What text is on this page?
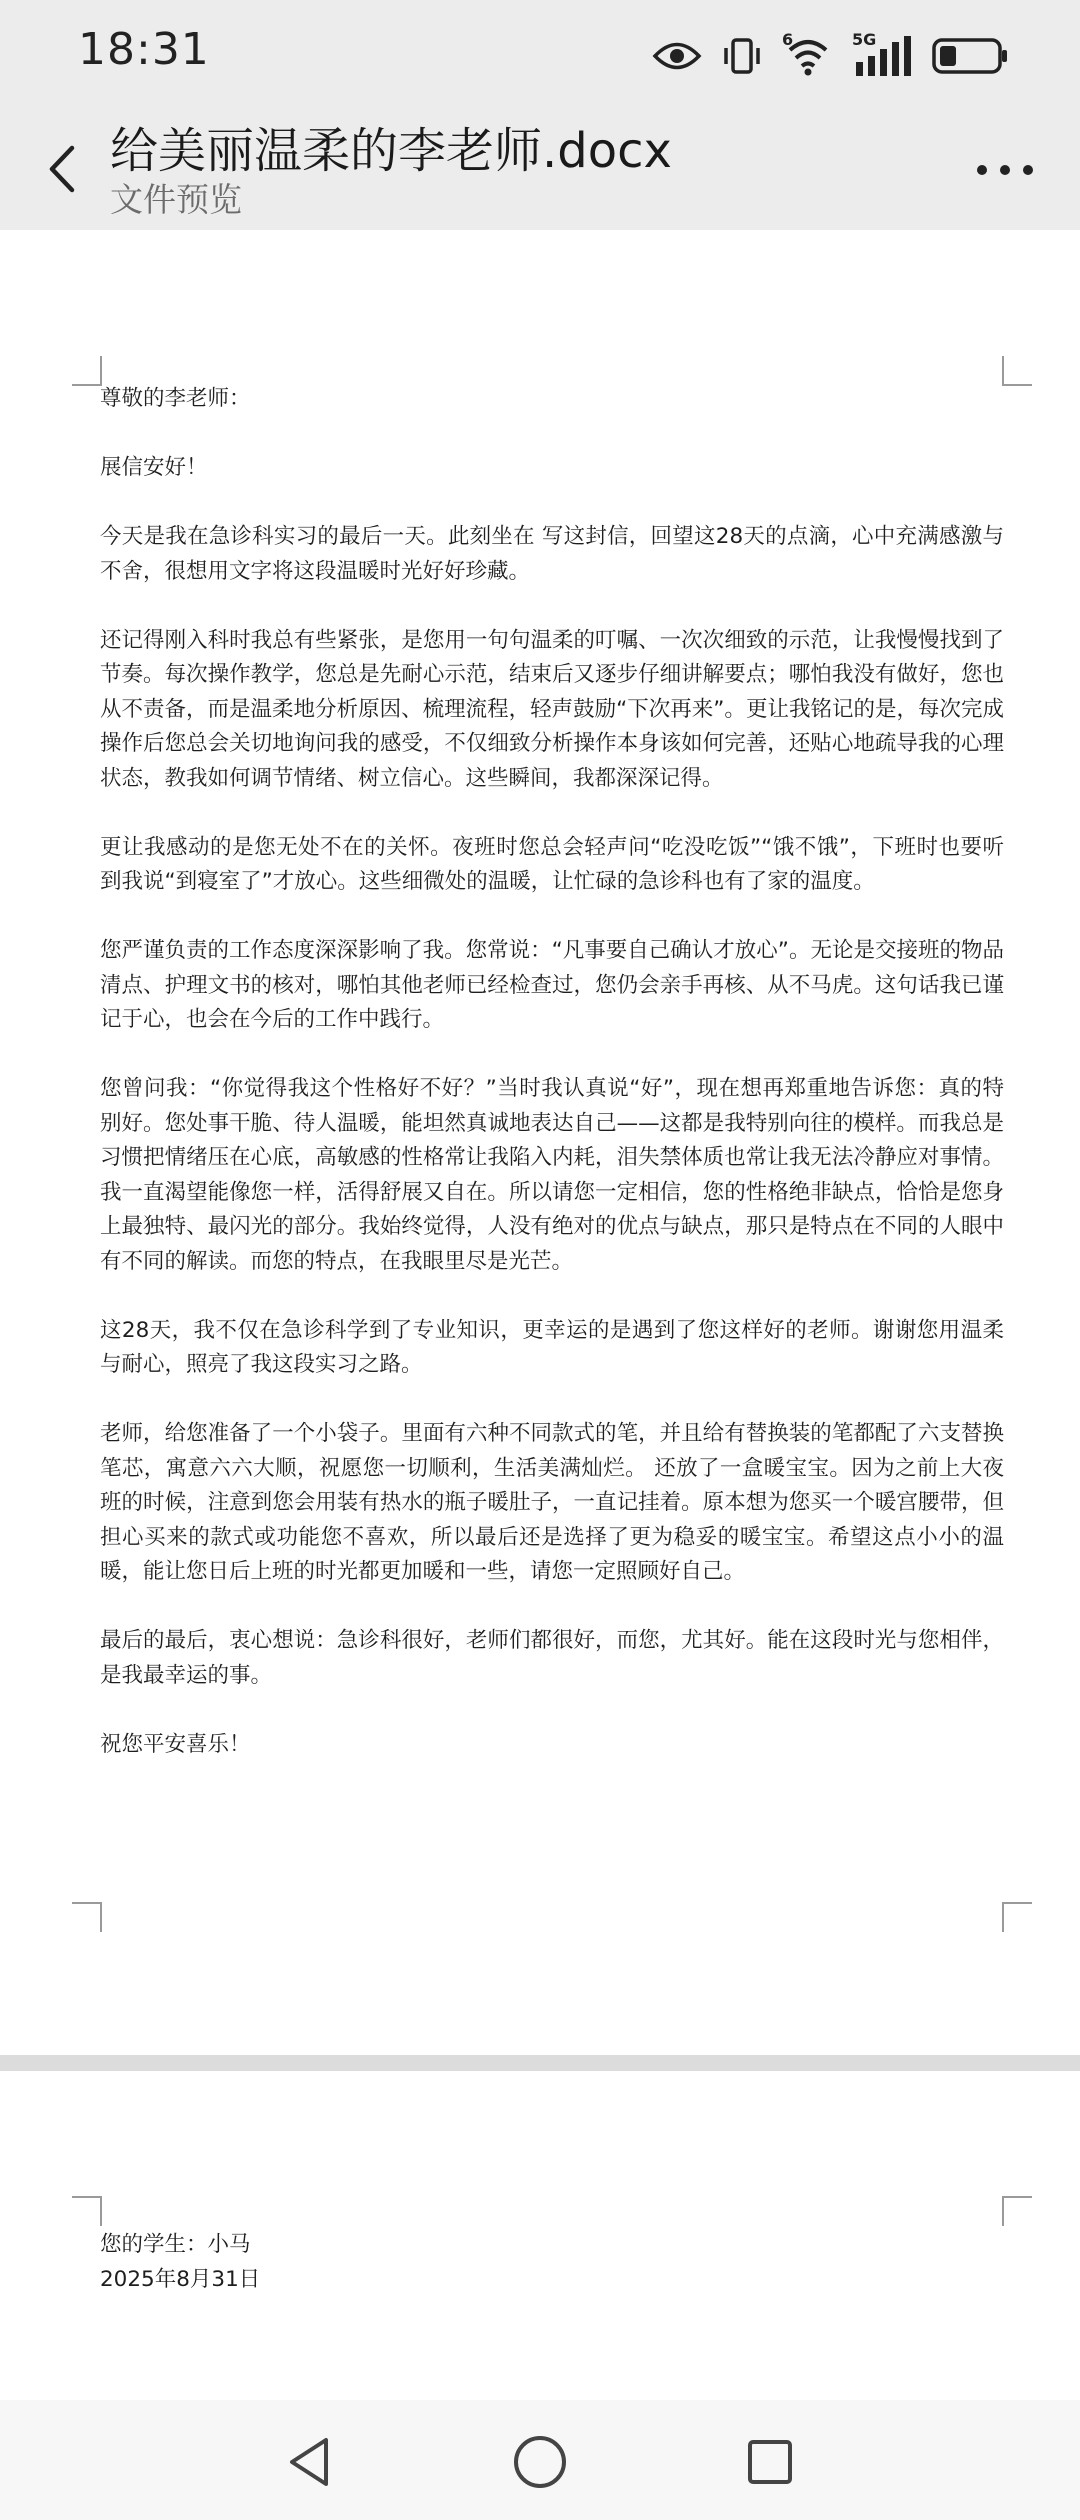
18:31	6	5G
给美丽温柔的李老师.docx
文件预览

尊敬的李老师：

展信安好！

今天是我在急诊科实习的最后一天。此刻坐在 写这封信，回望这28天的点滴，心中充满感激与不舍，很想用文字将这段温暖时光好好珍藏。

还记得刚入科时我总有些紧张，是您用一句句温柔的叮嘱、一次次细致的示范，让我慢慢找到了节奏。每次操作教学，您总是先耐心示范，结束后又逐步仔细讲解要点；哪怕我没有做好，您也从不责备，而是温柔地分析原因、梳理流程，轻声鼓励“下次再来”。更让我铭记的是，每次完成操作后您总会关切地询问我的感受，不仅细致分析操作本身该如何完善，还贴心地疏导我的心理状态，教我如何调节情绪、树立信心。这些瞬间，我都深深记得。

更让我感动的是您无处不在的关怀。夜班时您总会轻声问“吃没吃饭”“饿不饿”，下班时也要听到我说“到寝室了”才放心。这些细微处的温暖，让忙碌的急诊科也有了家的温度。

您严谨负责的工作态度深深影响了我。您常说：“凡事要自己确认才放心”。无论是交接班的物品清点、护理文书的核对，哪怕其他老师已经检查过，您仍会亲手再核、从不马虎。这句话我已谨记于心，也会在今后的工作中践行。

您曾问我：“你觉得我这个性格好不好？”当时我认真说“好”，现在想再郑重地告诉您：真的特别好。您处事干脆、待人温暖，能坦然真诚地表达自己——这都是我特别向往的模样。而我总是习惯把情绪压在心底，高敏感的性格常让我陷入内耗，泪失禁体质也常让我无法冷静应对事情。我一直渴望能像您一样，活得舒展又自在。所以请您一定相信，您的性格绝非缺点，恰恰是您身上最独特、最闪光的部分。我始终觉得，人没有绝对的优点与缺点，那只是特点在不同的人眼中有不同的解读。而您的特点，在我眼里尽是光芒。

这28天，我不仅在急诊科学到了专业知识，更幸运的是遇到了您这样好的老师。谢谢您用温柔与耐心，照亮了我这段实习之路。

老师，给您准备了一个小袋子。里面有六种不同款式的笔，并且给有替换装的笔都配了六支替换笔芯，寓意六六大顺，祝愿您一切顺利，生活美满灿烂。 还放了一盒暖宝宝。因为之前上大夜班的时候，注意到您会用装有热水的瓶子暖肚子，一直记挂着。原本想为您买一个暖宫腰带，但担心买来的款式或功能您不喜欢，所以最后还是选择了更为稳妥的暖宝宝。希望这点小小的温暖，能让您日后上班的时光都更加暖和一些，请您一定照顾好自己。

最后的最后，衷心想说：急诊科很好，老师们都很好，而您，尤其好。能在这段时光与您相伴，是我最幸运的事。

祝您平安喜乐！

您的学生：小马
2025年8月31日
